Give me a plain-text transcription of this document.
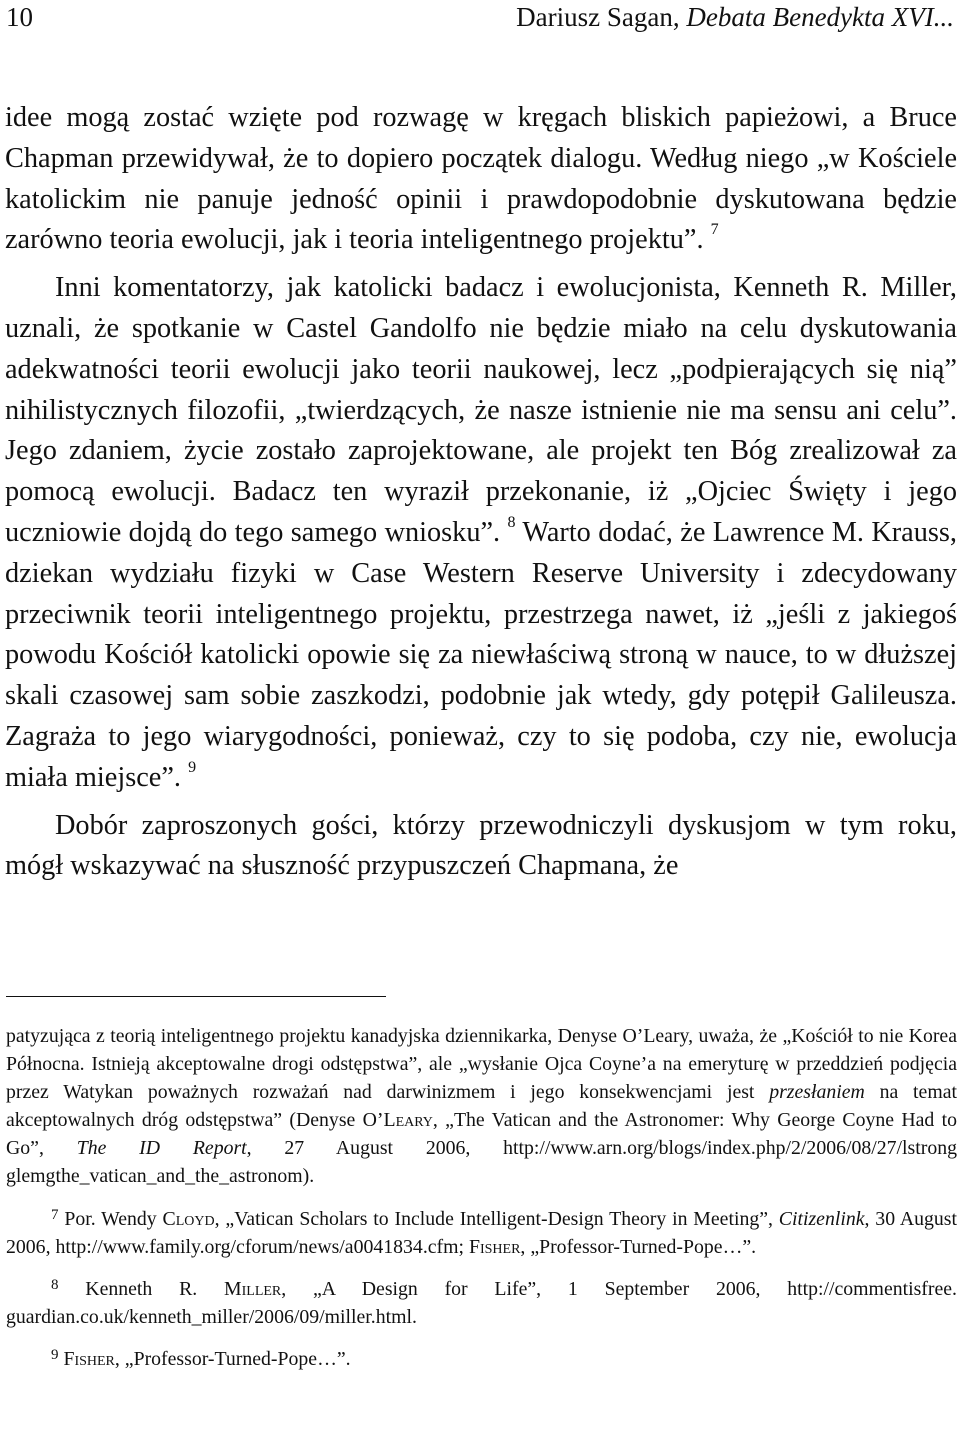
10	Dariusz Sagan, Debata Benedykta XVI...

idee mogą zostać wzięte pod rozwagę w kręgach bliskich papieżowi, a Bruce Chapman przewidywał, że to dopiero początek dialogu. Według niego „w Kościele katolickim nie panuje jedność opinii i prawdopodobnie dyskutowana będzie zarówno teoria ewolucji, jak i teoria inteligentnego projektu”. $^7$

Inni komentatorzy, jak katolicki badacz i ewolucjonista, Kenneth R. Miller, uznali, że spotkanie w Castel Gandolfo nie będzie miało na celu dyskutowania adekwatności teorii ewolucji jako teorii naukowej, lecz „podpierających się nią” nihilistycznych filozofii, „twierdzących, że nasze istnienie nie ma sensu ani celu”. Jego zdaniem, życie zostało zaprojektowane, ale projekt ten Bóg zrealizował za pomocą ewolucji. Badacz ten wyraził przekonanie, iż „Ojciec Święty i jego uczniowie dojdą do tego samego wniosku”. $^8$ Warto dodać, że Lawrence M. Krauss, dziekan wydziału fizyki w Case Western Reserve University i zdecydowany przeciwnik teorii inteligentnego projektu, przestrzega nawet, iż „jeśli z jakiegoś powodu Kościół katolicki opowie się za niewłaściwą stroną w nauce, to w dłuższej skali czasowej sam sobie zaszkodzi, podobnie jak wtedy, gdy potępił Galileusza. Zagraża to jego wiarygodności, ponieważ, czy to się podoba, czy nie, ewolucja miała miejsce”. $^9$

Dobór zaproszonych gości, którzy przewodniczyli dyskusjom w tym roku, mógł wskazywać na słuszność przypuszczeń Chapmana, że

patyzująca z teorią inteligentnego projektu kanadyjska dziennikarka, Denyse O’Leary, uważa, że „Kościół to nie Korea Północna. Istnieją akceptowalne drogi odstępstwa”, ale „wysłanie Ojca Coyne’a na emeryturę w przeddzień podjęcia przez Watykan poważnych rozważań nad darwinizmem i jego konsekwencjami jest przesłaniem na temat akceptowalnych dróg odstępstwa” (Denyse O’Leary, „The Vatican and the Astronomer: Why George Coyne Had to Go”, The ID Report, 27 August 2006, http://www.arn.org/blogs/index.php/2/2006/08/27/lstrong glemgthe_vatican_and_the_astronom).

$^7$ Por. Wendy Cloyd, „Vatican Scholars to Include Intelligent-Design Theory in Meeting”, Citizenlink, 30 August 2006, http://www.family.org/cforum/news/a0041834.cfm; Fisher, „Professor-Turned-Pope…”.

$^8$ Kenneth R. Miller, „A Design for Life”, 1 September 2006, http://commentisfree. guardian.co.uk/kenneth_miller/2006/09/miller.html.

$^9$ Fisher, „Professor-Turned-Pope…”.
